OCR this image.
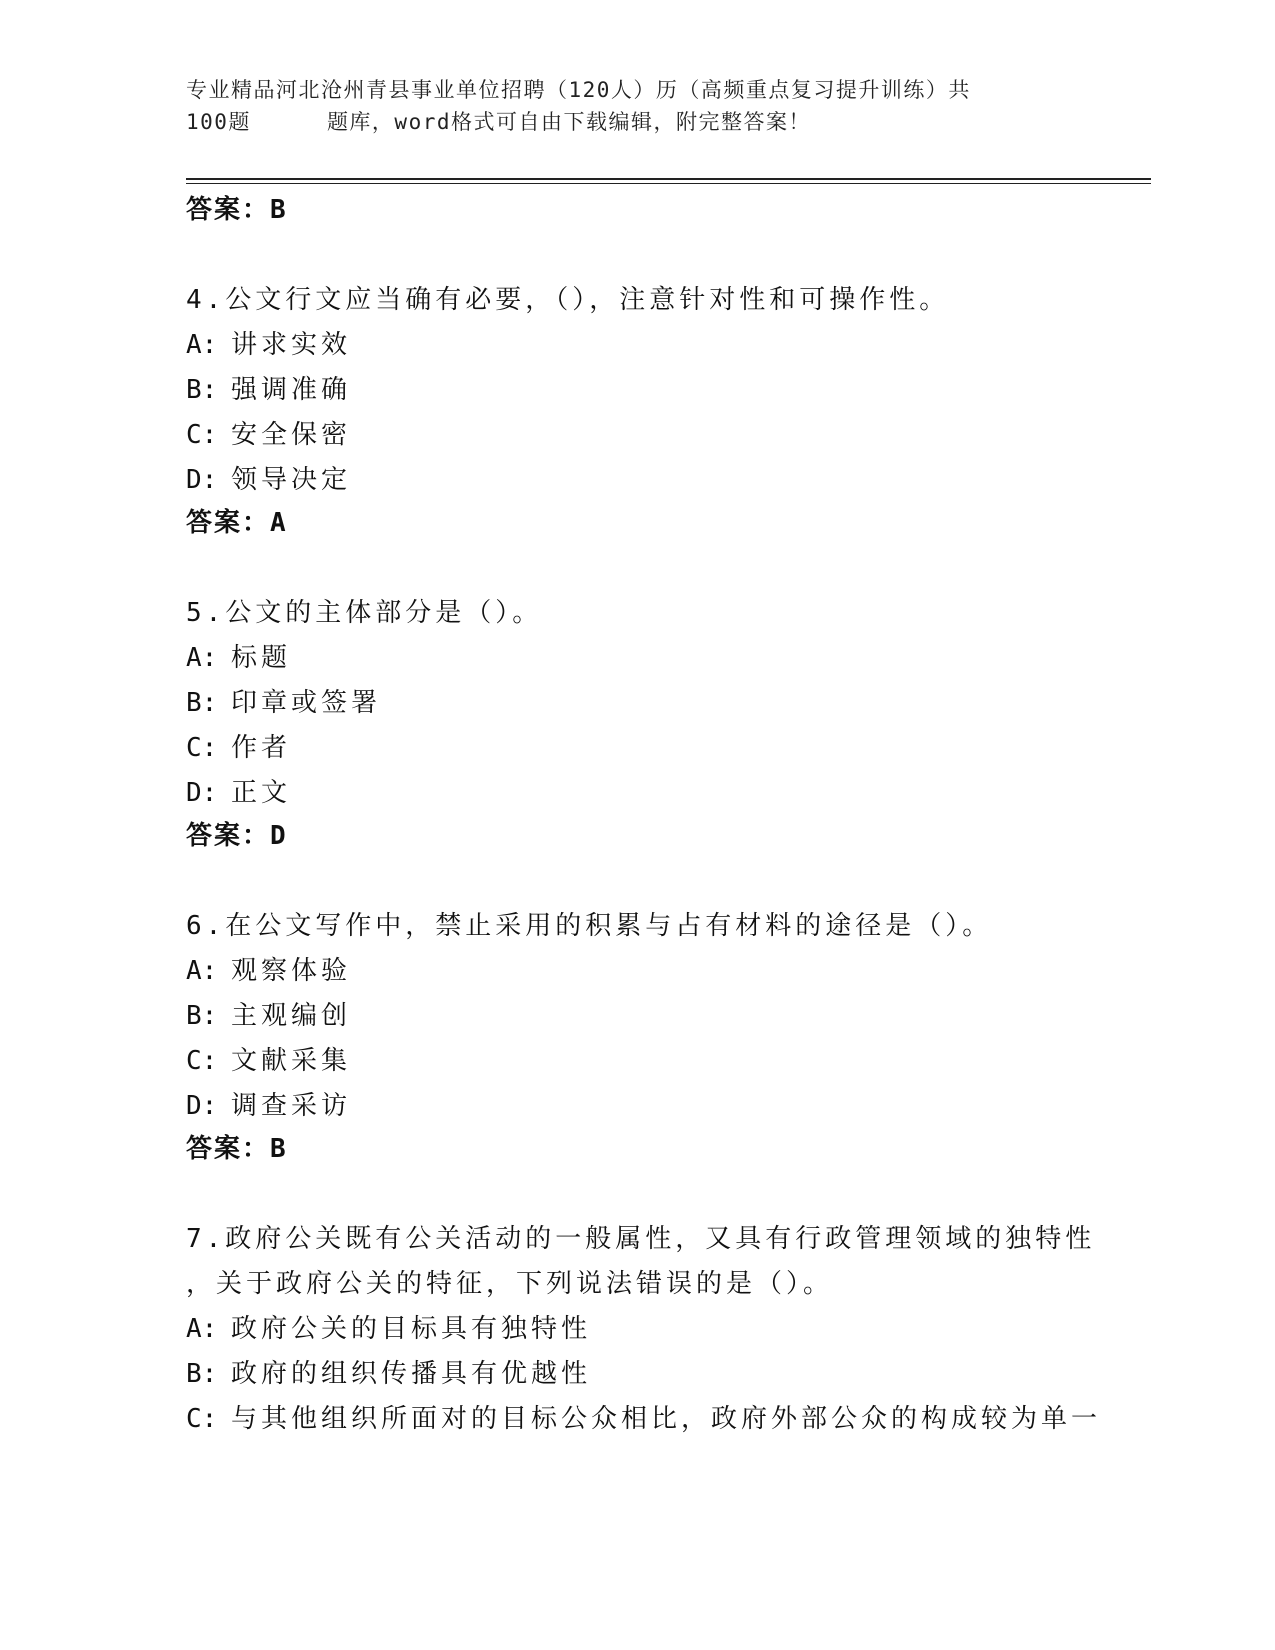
专业精品河北沧州青县事业单位招聘（120人）历（高频重点复习提升训练）共
100题	题库，word格式可自由下载编辑，附完整答案！
答案：B
4.公文行文应当确有必要，（），注意针对性和可操作性。
A: 讲求实效
B: 强调准确
C: 安全保密
D: 领导决定
答案：A
5.公文的主体部分是（）。
A: 标题
B: 印章或签署
C: 作者
D: 正文
答案：D
6.在公文写作中，禁止采用的积累与占有材料的途径是（）。
A: 观察体验
B: 主观编创
C: 文献采集
D: 调查采访
答案：B
7.政府公关既有公关活动的一般属性，又具有行政管理领域的独特性
，关于政府公关的特征，下列说法错误的是（）。
A: 政府公关的目标具有独特性
B: 政府的组织传播具有优越性
C: 与其他组织所面对的目标公众相比，政府外部公众的构成较为单一
